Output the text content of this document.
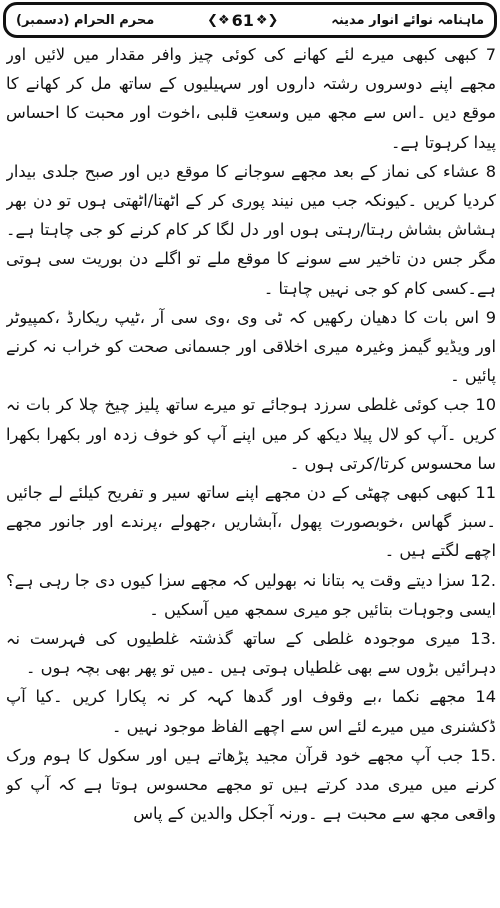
ماہنامہ نوائے انوار مدینہ
❮❖ 61 ❖❯
محرم الحرام (دسمبر)

7 کبھی کبھی میرے لئے کھانے کی کوئی چیز وافر مقدار میں لائیں اور مجھے اپنے دوسروں رشتہ داروں اور سہیلیوں کے ساتھ مل کر کھانے کا موقع دیں ۔اس سے مجھ میں وسعتِ قلبی ،اخوت اور محبت کا احساس پیدا کرہوتا ہے۔

8 عشاء کی نماز کے بعد مجھے سوجانے کا موقع دیں اور صبح جلدی بیدار کردیا کریں ۔کیونکہ جب میں نیند پوری کر کے اٹھتا/اٹھتی ہوں تو دن بھر ہشاش بشاش رہتا/رہتی ہوں اور دل لگا کر کام کرنے کو جی چاہتا ہے۔مگر جس دن تاخیر سے سونے کا موقع ملے تو اگلے دن بوریت سی ہوتی ہے۔کسی کام کو جی نہیں چاہتا ۔

9 اس بات کا دھیان رکھیں کہ ٹی وی ،وی سی آر ،ٹیپ ریکارڈ ،کمپیوٹر اور ویڈیو گیمز وغیرہ میری اخلاقی اور جسمانی صحت کو خراب نہ کرنے پائیں ۔

10 جب کوئی غلطی سرزد ہوجائے تو میرے ساتھ پلیز چیخ چلا کر بات نہ کریں ۔آپ کو لال پیلا دیکھ کر میں اپنے آپ کو خوف زدہ اور بکھرا بکھرا سا محسوس کرتا/کرتی ہوں ۔

11 کبھی کبھی چھٹی کے دن مجھے اپنے ساتھ سیر و تفریح کیلئے لے جائیں ۔سبز گھاس ،خوبصورت پھول ،آبشاریں ،جھولے ،پرندے اور جانور مجھے اچھے لگتے ہیں ۔

.12 سزا دیتے وقت یہ بتانا نہ بھولیں کہ مجھے سزا کیوں دی جا رہی ہے؟ایسی وجوہات بتائیں جو میری سمجھ میں آسکیں ۔

.13 میری موجودہ غلطی کے ساتھ گذشتہ غلطیوں کی فہرست نہ دہرائیں بڑوں سے بھی غلطیاں ہوتی ہیں ۔میں تو پھر بھی بچہ ہوں ۔

14 مجھے نکما ،بے وقوف اور گدھا کہہ کر نہ پکارا کریں ۔کیا آپ ڈکشنری میں میرے لئے اس سے اچھے الفاظ موجود نہیں ۔

.15 جب آپ مجھے خود قرآن مجید پڑھاتے ہیں اور سکول کا ہوم ورک کرنے میں میری مدد کرتے ہیں تو مجھے محسوس ہوتا ہے کہ آپ کو واقعی مجھ سے محبت ہے ۔ورنہ آجکل والدین کے پاس
